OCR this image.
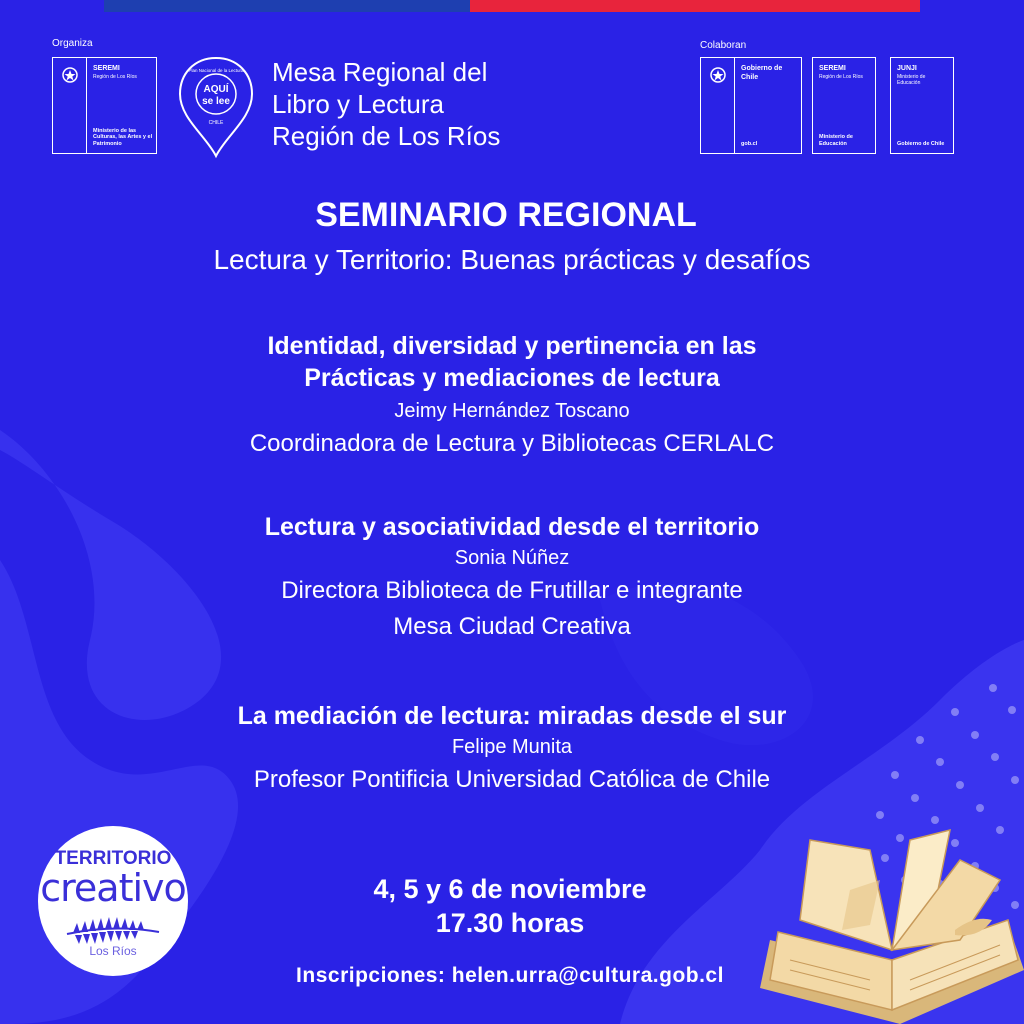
Organiza
SEREMI
Región de Los Ríos
Ministerio de las Culturas, las Artes y el Patrimonio
AQUÍ
se lee
CHILE
Plan Nacional de la Lectura Mesa Regional del
Libro y Lectura
Región de Los Ríos
Colaboran
Gobierno de Chile
gob.cl
SEREMI
Región de Los Ríos
Ministerio de Educación
JUNJI
Ministerio de Educación
Gobierno de Chile
SEMINARIO REGIONAL
Lectura y Territorio: Buenas prácticas y desafíos
Identidad, diversidad y pertinencia en las
Prácticas y mediaciones de lectura
Jeimy Hernández Toscano
Coordinadora de Lectura y Bibliotecas CERLALC
Lectura y asociatividad desde el territorio
Sonia Núñez
Directora Biblioteca de Frutillar e integrante
Mesa Ciudad Creativa
La mediación de lectura: miradas desde el sur
Felipe Munita
Profesor Pontificia Universidad Católica de Chile
4, 5 y 6 de noviembre
17.30 horas
Inscripciones: helen.urra@cultura.gob.cl
TERRITORIO
creativo
Los Ríos
